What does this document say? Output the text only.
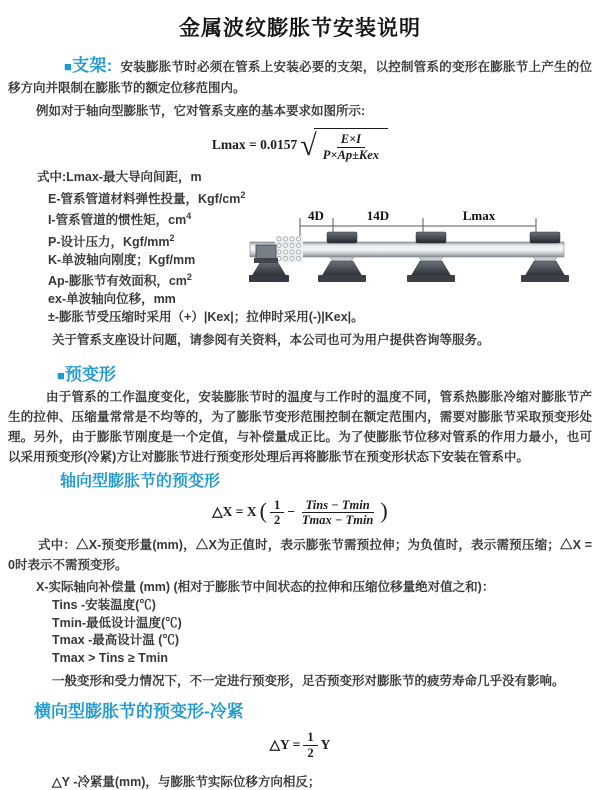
金属波纹膨胀节安装说明

■支架: 安装膨胀节时必须在管系上安装必要的支架，以控制管系的变形在膨胀节上产生的位移方向并限制在膨胀节的额定位移范围内。

例如对于轴向型膨胀节，它对管系支座的基本要求如图所示:

Lmax = 0.0157 √ $\frac{E\times I}{\text{P×Ap±Kex}}$
式中:Lmax-最大导向间距，m
E-管系管道材料弹性投量，Kgf/$cm^2$
I-管系管道的惯性矩，$cm^4$
P-设计压力，Kgf/$mm^2$
K-单波轴向刚度；Kgf/mm
Ap-膨胀节有效面积，$cm^2$
ex-单波轴向位移，mm
±-膨胀节受压缩时采用（+）|Kex|；拉伸时采用(-)|Kex|。

关于管系支座设计问题，请参阅有关资料，本公司也可为用户提供咨询等服务。

4D	14D	Lmax

■预变形

由于管系的工作温度变化，安装膨胀节时的温度与工作时的温度不同，管系热膨胀冷缩对膨胀节产生的拉伸、压缩量常常是不均等的，为了膨胀节变形范围控制在额定范围内，需要对膨胀节采取预变形处理。另外，由于膨胀节刚度是一个定值，与补偿量成正比。为了使膨胀节位移对管系的作用力最小，也可以采用预变形(冷紧)方让对膨胀节进行预变形处理后再将膨胀节在预变形状态下安装在管系中。

轴向型膨胀节的预变形
△X = X ( $\frac{1}{2} - \frac{\text{Tins − Tmin}}{Tmax - Tmin}$ )

式中：△X-预变形量(mm)，△X为正值时，表示膨张节需预拉伸；为负值时，表示需预压缩；△X = 0时表示不需预变形。

X-实际轴向补偿量 (mm) (相对于膨胀节中间状态的拉伸和压缩位移量绝对值之和)：

Tins -安装温度(℃)
Tmin-最低设计温度(℃)
Tmax -最高设计温 (℃)
Tmax > Tins ≥ Tmin

一般变形和受力情况下，不一定进行预变形，足否预变形对膨胀节的疲劳寿命几乎没有影响。

横向型膨胀节的预变形-冷紧
△Y = $\frac{1}{2}$ Y

△Y -冷紧量(mm)，与膨胀节实际位移方向相反；
